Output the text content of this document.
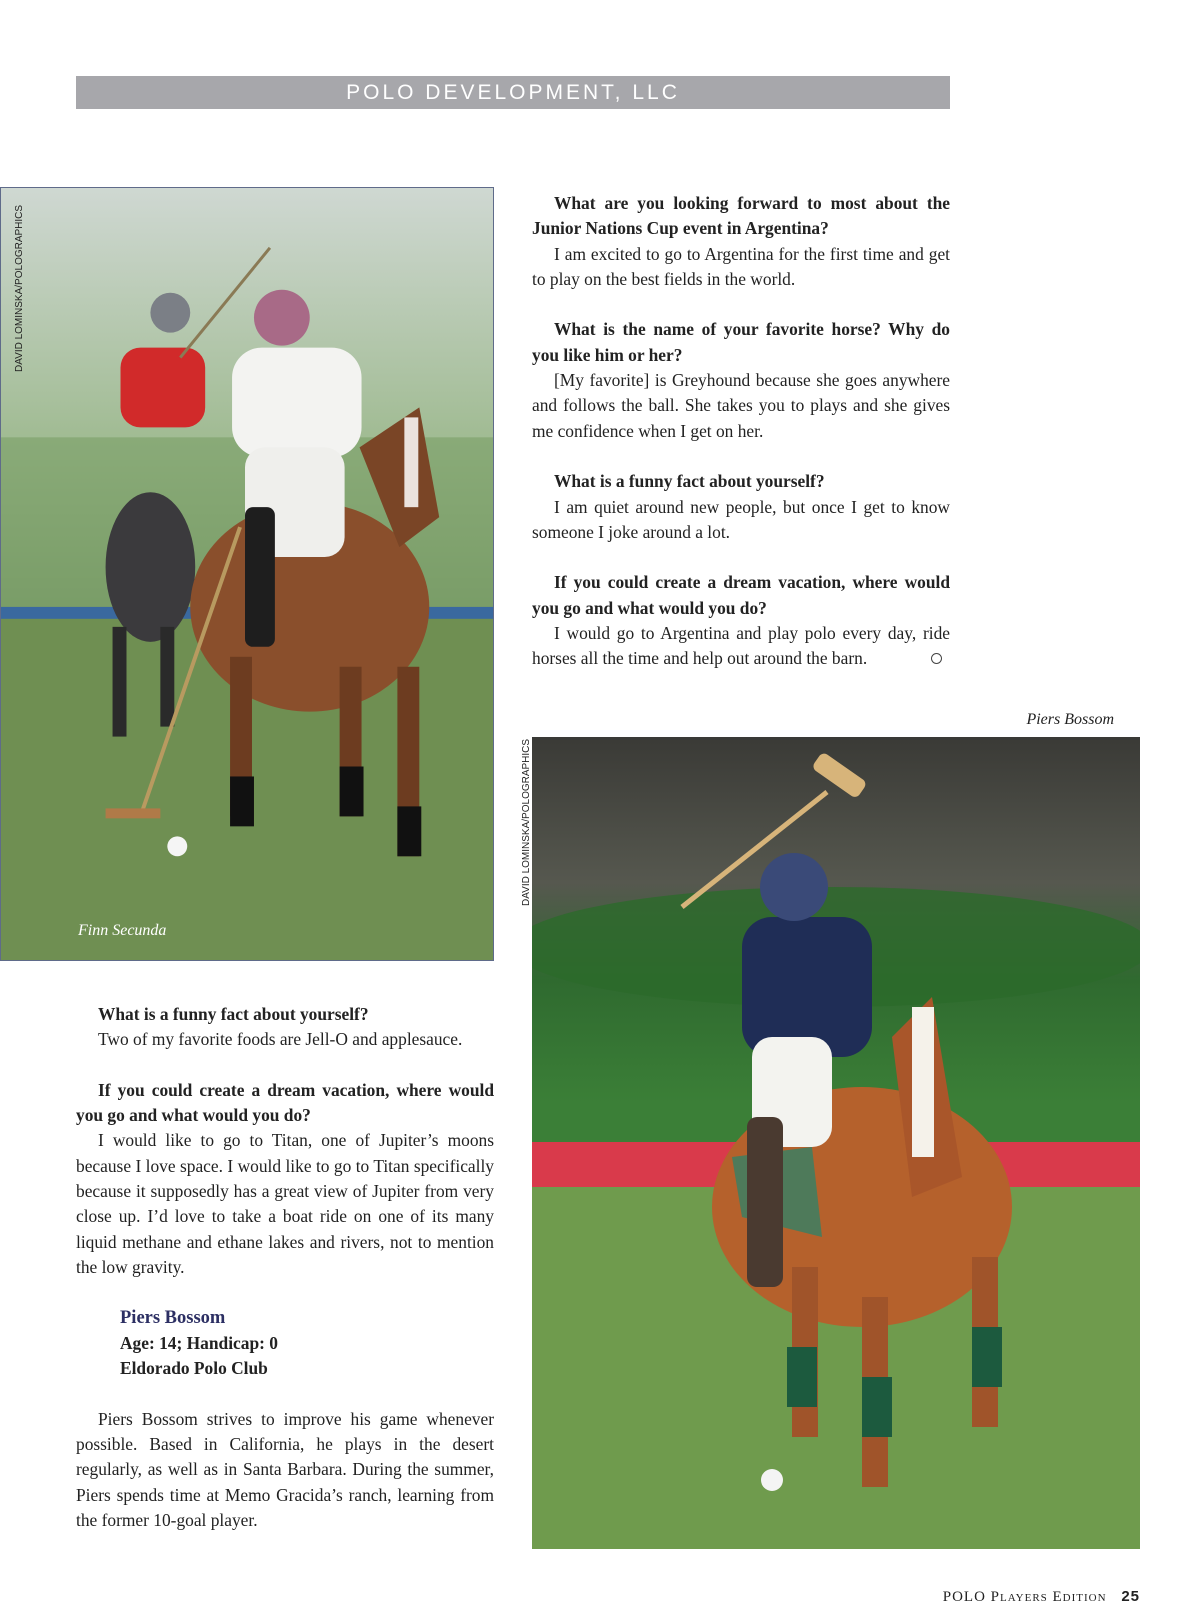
POLO DEVELOPMENT, LLC
DAVID LOMINSKA/POLOGRAPHICS
Finn Secunda

What are you looking forward to most about the Junior Nations Cup event in Argentina?

I am excited to go to Argentina for the first time and get to play on the best fields in the world.

What is the name of your favorite horse? Why do you like him or her?

[My favorite] is Greyhound because she goes anywhere and follows the ball. She takes you to plays and she gives me confidence when I get on her.

What is a funny fact about yourself?

I am quiet around new people, but once I get to know someone I joke around a lot.

If you could create a dream vacation, where would you go and what would you do?

I would go to Argentina and play polo every day, ride horses all the time and help out around the barn.

Piers Bossom
DAVID LOMINSKA/POLOGRAPHICS

What is a funny fact about yourself?

Two of my favorite foods are Jell-O and applesauce.

If you could create a dream vacation, where would you go and what would you do?

I would like to go to Titan, one of Jupiter’s moons because I love space. I would like to go to Titan specifically because it supposedly has a great view of Jupiter from very close up. I’d love to take a boat ride on one of its many liquid methane and ethane lakes and rivers, not to mention the low gravity.

Piers Bossom

Age: 14; Handicap: 0

Eldorado Polo Club

Piers Bossom strives to improve his game whenever possible. Based in California, he plays in the desert regularly, as well as in Santa Barbara. During the summer, Piers spends time at Memo Gracida’s ranch, learning from the former 10-goal player.

POLO Players Edition 25
